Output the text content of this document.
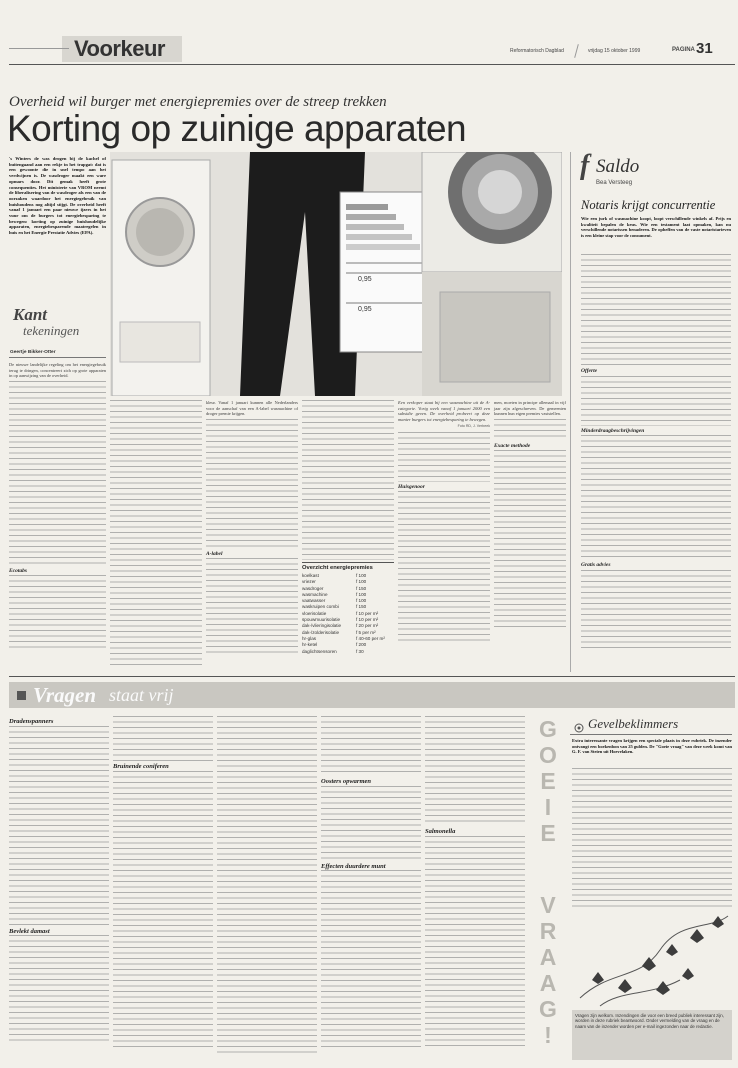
Voorkeur	Reformatorisch Dagblad	vrijdag 15 oktober 1999	PAGINA 31
Overheid wil burger met energiepremies over de streep trekken
Korting op zuinige apparaten
's Winters de was drogen bij de kachel of buitengaand aan een rekje in het trapgat: dat is een gewoonte die in snel tempo aan het verdwijnen is. De wasdroger maakt een ware opmars door. Dit gemak heeft grote consequenties. Het ministerie van VROM neemt de liberalisering van de wasdroger als een van de oorzaken waardoor het energiegebruik van huishoudens nog altijd stijgt. De overheid heeft vanaf 1 januari een paar nieuwe ijzers in het vuur om de burgers tot energiebesparing te bewegen: korting op zuinige huishoudelijke apparaten, energiebesparende maatregelen in huis en het Energie Prestatie Advies (EPA).
Kant
tekeningen
Geertje Bikker-Otter
0,95
0,95

De nieuwe landelijke regeling om het energiegebruik terug te dringen, concentreert zich op grote apparaten in op aanwijzing van de overheid.

Ecotabs

kleur. Vanaf 1 januari kunnen alle Nederlanders voor de aanschaf van een A-label wasmachine of droger premie krijgen.

A-label
Overzicht energiepremies
koelkast	f 100
vriezer	f 100
wasdroger	f 150
wasmachine	f 100
vaatwasser	f 100
waskruipen combi	f 150
vloerisolatie	f 10 per m²
spouwmuurisolatie	f 10 per m²
dak-/vlieringisolatie	f 20 per m²
dak-/zolderisolatie	f 5 per m²
hr-glas	f 40-60 per m²
hr-ketel	f 200
daglichtsensoren	f 30

Een verkoper staat bij een wasmachine uit de A-categorie. Vorig week vanaf 1 januari 2000 een subsidie geven. De overheid probeert op deze manier burgers tot energiebesparing te bewegen.

Foto RD, J. Verbeek

Huisgenoor

men, moeten in principe allemaal in vijf jaar zijn afgeschreven. De gemeenten kunnen hun eigen premies vaststellen.

Exacte methode
f Saldo
Bea Versteeg
Notaris krijgt concurrentie
Wie een jurk of wasmachine koopt, loopt verschillende winkels af. Prijs en kwaliteit bepalen de keus. Wie een testament laat opmaken, kan nu verschillende notarissen benaderen. De opheffen van de vaste notaristarieven is een kleine stap voor de consument.
Offerte
Minderdraagbeschrijvingen
Gratis advies
Vragen staat vrij
Dradenspanners
Bevlekt damast
Bruinende coniferen
Oosters opwarmen
Effecten duurdere munt
Salmonella
G
O
E
I
E
V
R
A
A
G
!
Gevelbeklimmers
Extra interessante vragen krijgen een speciale plaats in deze rubriek. De inzender ontvangt een boekenbon van 25 gulden. De "Goeie vraag" van deze week komt van G. F. van Steien uit Hoevelaken.
Vragen zijn welkom. Inzendingen die voor een breed publiek interessant zijn, worden in deze rubriek beantwoord. Onder vermelding van de vraag en de naam van de inzender worden per e-mail ingezonden naar de redactie.
